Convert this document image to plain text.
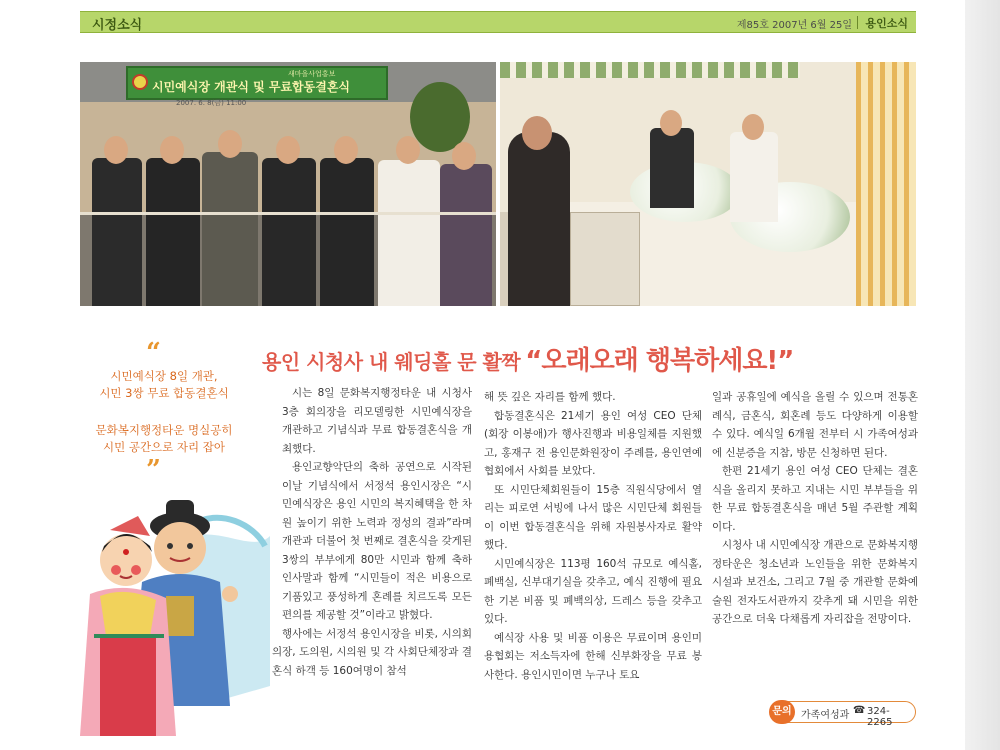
시정소식	제85호 2007년 6월 25일 용인소식
새마을사업홍보
시민예식장 개관식 및 무료합동결혼식
2007. 6. 8(금) 11:00
“
시민예식장 8일 개관,
시민 3쌍 무료 합동결혼식
문화복지행정타운 명실공히
시민 공간으로 자리 잡아
”
용인 시청사 내 웨딩홀 문 활짝 “오래오래 행복하세요!”

시는 8일 문화복지행정타운 내 시청사 3층 회의장을 리모델링한 시민예식장을 개관하고 기념식과 무료 합동결혼식을 개최했다.

용인교향악단의 축하 공연으로 시작된 이날 기념식에서 서정석 용인시장은 “시민예식장은 용인 시민의 복지혜택을 한 차원 높이기 위한 노력과 정성의 결과”라며 개관과 더불어 첫 번째로 결혼식을 갖게된 3쌍의 부부에게 80만 시민과 함께 축하 인사말과 함께 “시민들이 적은 비용으로 기품있고 풍성하게 혼례를 치르도록 모든 편의를 제공할 것”이라고 밝혔다.

행사에는 서정석 용인시장을 비롯, 시의회 의장, 도의원, 시의원 및 각 사회단체장과 결혼식 하객 등 160여명이 참석

해 뜻 깊은 자리를 함께 했다.

합동결혼식은 21세기 용인 여성 CEO 단체(회장 이봉애)가 행사진행과 비용일체를 지원했고, 홍재구 전 용인문화원장이 주례를, 용인연예협회에서 사회를 보았다.

또 시민단체회원들이 15층 직원식당에서 열리는 피로연 서빙에 나서 많은 시민단체 회원들이 이번 합동결혼식을 위해 자원봉사자로 활약했다.

시민예식장은 113평 160석 규모로 예식홀, 폐백실, 신부대기실을 갖추고, 예식 진행에 필요한 기본 비품 및 폐백의상, 드레스 등을 갖추고 있다.

예식장 사용 및 비품 이용은 무료이며 용인미용협회는 저소득자에 한해 신부화장을 무료 봉사한다. 용인시민이면 누구나 토요

일과 공휴일에 예식을 올릴 수 있으며 전통혼례식, 금혼식, 회혼례 등도 다양하게 이용할 수 있다. 예식일 6개월 전부터 시 가족여성과에 신분증을 지참, 방문 신청하면 된다.

한편 21세기 용인 여성 CEO 단체는 결혼식을 올리지 못하고 지내는 시민 부부들을 위한 무료 합동결혼식을 매년 5월 주관할 계획이다.

시청사 내 시민예식장 개관으로 문화복지행정타운은 청소년과 노인들을 위한 문화복지시설과 보건소, 그리고 7월 중 개관할 문화예술원 전자도서관까지 갖추게 돼 시민을 위한 공간으로 더욱 다채롭게 자리잡을 전망이다.

문의 가족여성과 ☎ 324-2265
